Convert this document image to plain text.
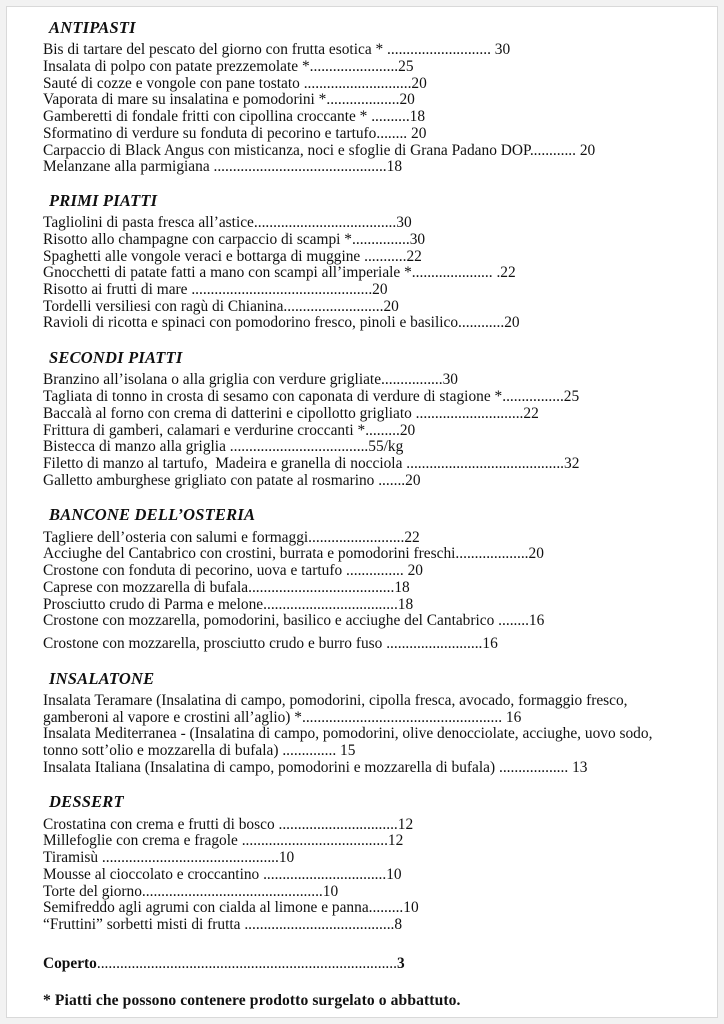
ANTIPASTI
Bis di tartare del pescato del giorno con frutta esotica * ........................... 30
Insalata di polpo con patate prezzemolate *.......................25
Sauté di cozze e vongole con pane tostato ............................20
Vaporata di mare su insalatina e pomodorini *...................20
Gamberetti di fondale fritti con cipollina croccante * ..........18
Sformatino di verdure su fonduta di pecorino e tartufo........ 20
Carpaccio di Black Angus con misticanza, noci e sfoglie di Grana Padano DOP............ 20
Melanzane alla parmigiana .............................................18
PRIMI PIATTI
Tagliolini di pasta fresca all’astice.....................................30
Risotto allo champagne con carpaccio di scampi *...............30
Spaghetti alle vongole veraci e bottarga di muggine ...........22
Gnocchetti di patate fatti a mano con scampi all’imperiale *..................... .22
Risotto ai frutti di mare ...............................................20
Tordelli versiliesi con ragù di Chianina..........................20
Ravioli di ricotta e spinaci con pomodorino fresco, pinoli e basilico............20
SECONDI PIATTI
Branzino all’isolana o alla griglia con verdure grigliate................30
Tagliata di tonno in crosta di sesamo con caponata di verdure di stagione *................25
Baccalà al forno con crema di datterini e cipollotto grigliato ............................22
Frittura di gamberi, calamari e verdurine croccanti *.........20
Bistecca di manzo alla griglia ....................................55/kg
Filetto di manzo al tartufo,  Madeira e granella di nocciola .........................................32
Galletto amburghese grigliato con patate al rosmarino .......20
BANCONE DELL’OSTERIA
Tagliere dell’osteria con salumi e formaggi.........................22
Acciughe del Cantabrico con crostini, burrata e pomodorini freschi...................20
Crostone con fonduta di pecorino, uova e tartufo ............... 20
Caprese con mozzarella di bufala......................................18
Prosciutto crudo di Parma e melone...................................18
Crostone con mozzarella, pomodorini, basilico e acciughe del Cantabrico ........16
Crostone con mozzarella, prosciutto crudo e burro fuso .........................16
INSALATONE
Insalata Teramare (Insalatina di campo, pomodorini, cipolla fresca, avocado, formaggio fresco, gamberoni al vapore e crostini all’aglio) *.................................................... 16
Insalata Mediterranea - (Insalatina di campo, pomodorini, olive denocciolate, acciughe, uovo sodo, tonno sott’olio e mozzarella di bufala) .............. 15
Insalata Italiana (Insalatina di campo, pomodorini e mozzarella di bufala) .................. 13
DESSERT
Crostatina con crema e frutti di bosco ...............................12
Millefoglie con crema e fragole ......................................12
Tiramisù ..............................................10
Mousse al cioccolato e croccantino ................................10
Torte del giorno...............................................10
Semifreddo agli agrumi con cialda al limone e panna.........10
“Fruttini” sorbetti misti di frutta .......................................8
Coperto..............................................................................3
* Piatti che possono contenere prodotto surgelato o abbattuto.
